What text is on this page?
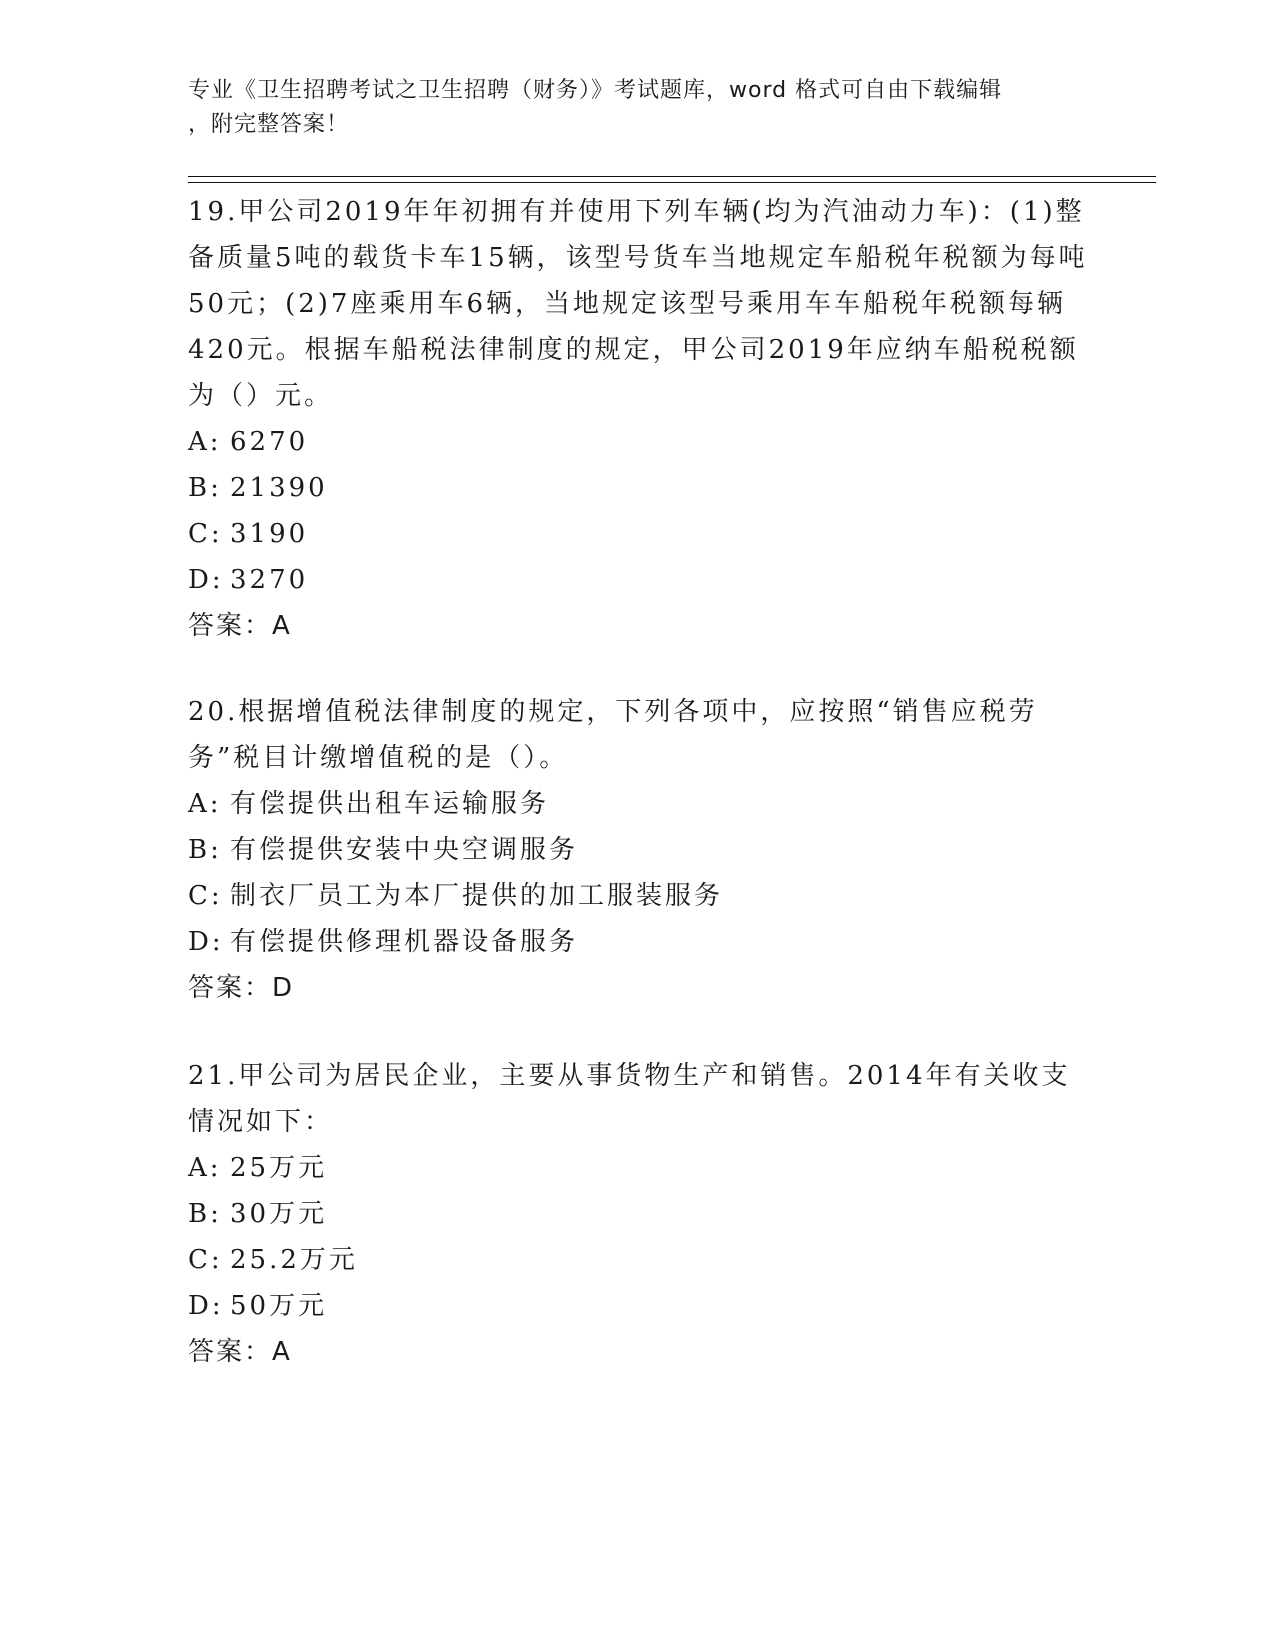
专业《卫生招聘考试之卫生招聘（财务）》考试题库，word 格式可自由下载编辑
，附完整答案！

19.甲公司2019年年初拥有并使用下列车辆(均为汽油动力车)：(1)整备质量5吨的载货卡车15辆，该型号货车当地规定车船税年税额为每吨50元；(2)7座乘用车6辆，当地规定该型号乘用车车船税年税额每辆420元。根据车船税法律制度的规定，甲公司2019年应纳车船税税额为（）元。

A: 6270

B: 21390

C: 3190

D: 3270

答案：A

20.根据增值税法律制度的规定，下列各项中，应按照“销售应税劳务”税目计缴增值税的是（）。

A: 有偿提供出租车运输服务

B: 有偿提供安装中央空调服务

C: 制衣厂员工为本厂提供的加工服装服务

D: 有偿提供修理机器设备服务

答案：D

21.甲公司为居民企业，主要从事货物生产和销售。2014年有关收支情况如下：

A: 25万元

B: 30万元

C: 25.2万元

D: 50万元

答案：A
